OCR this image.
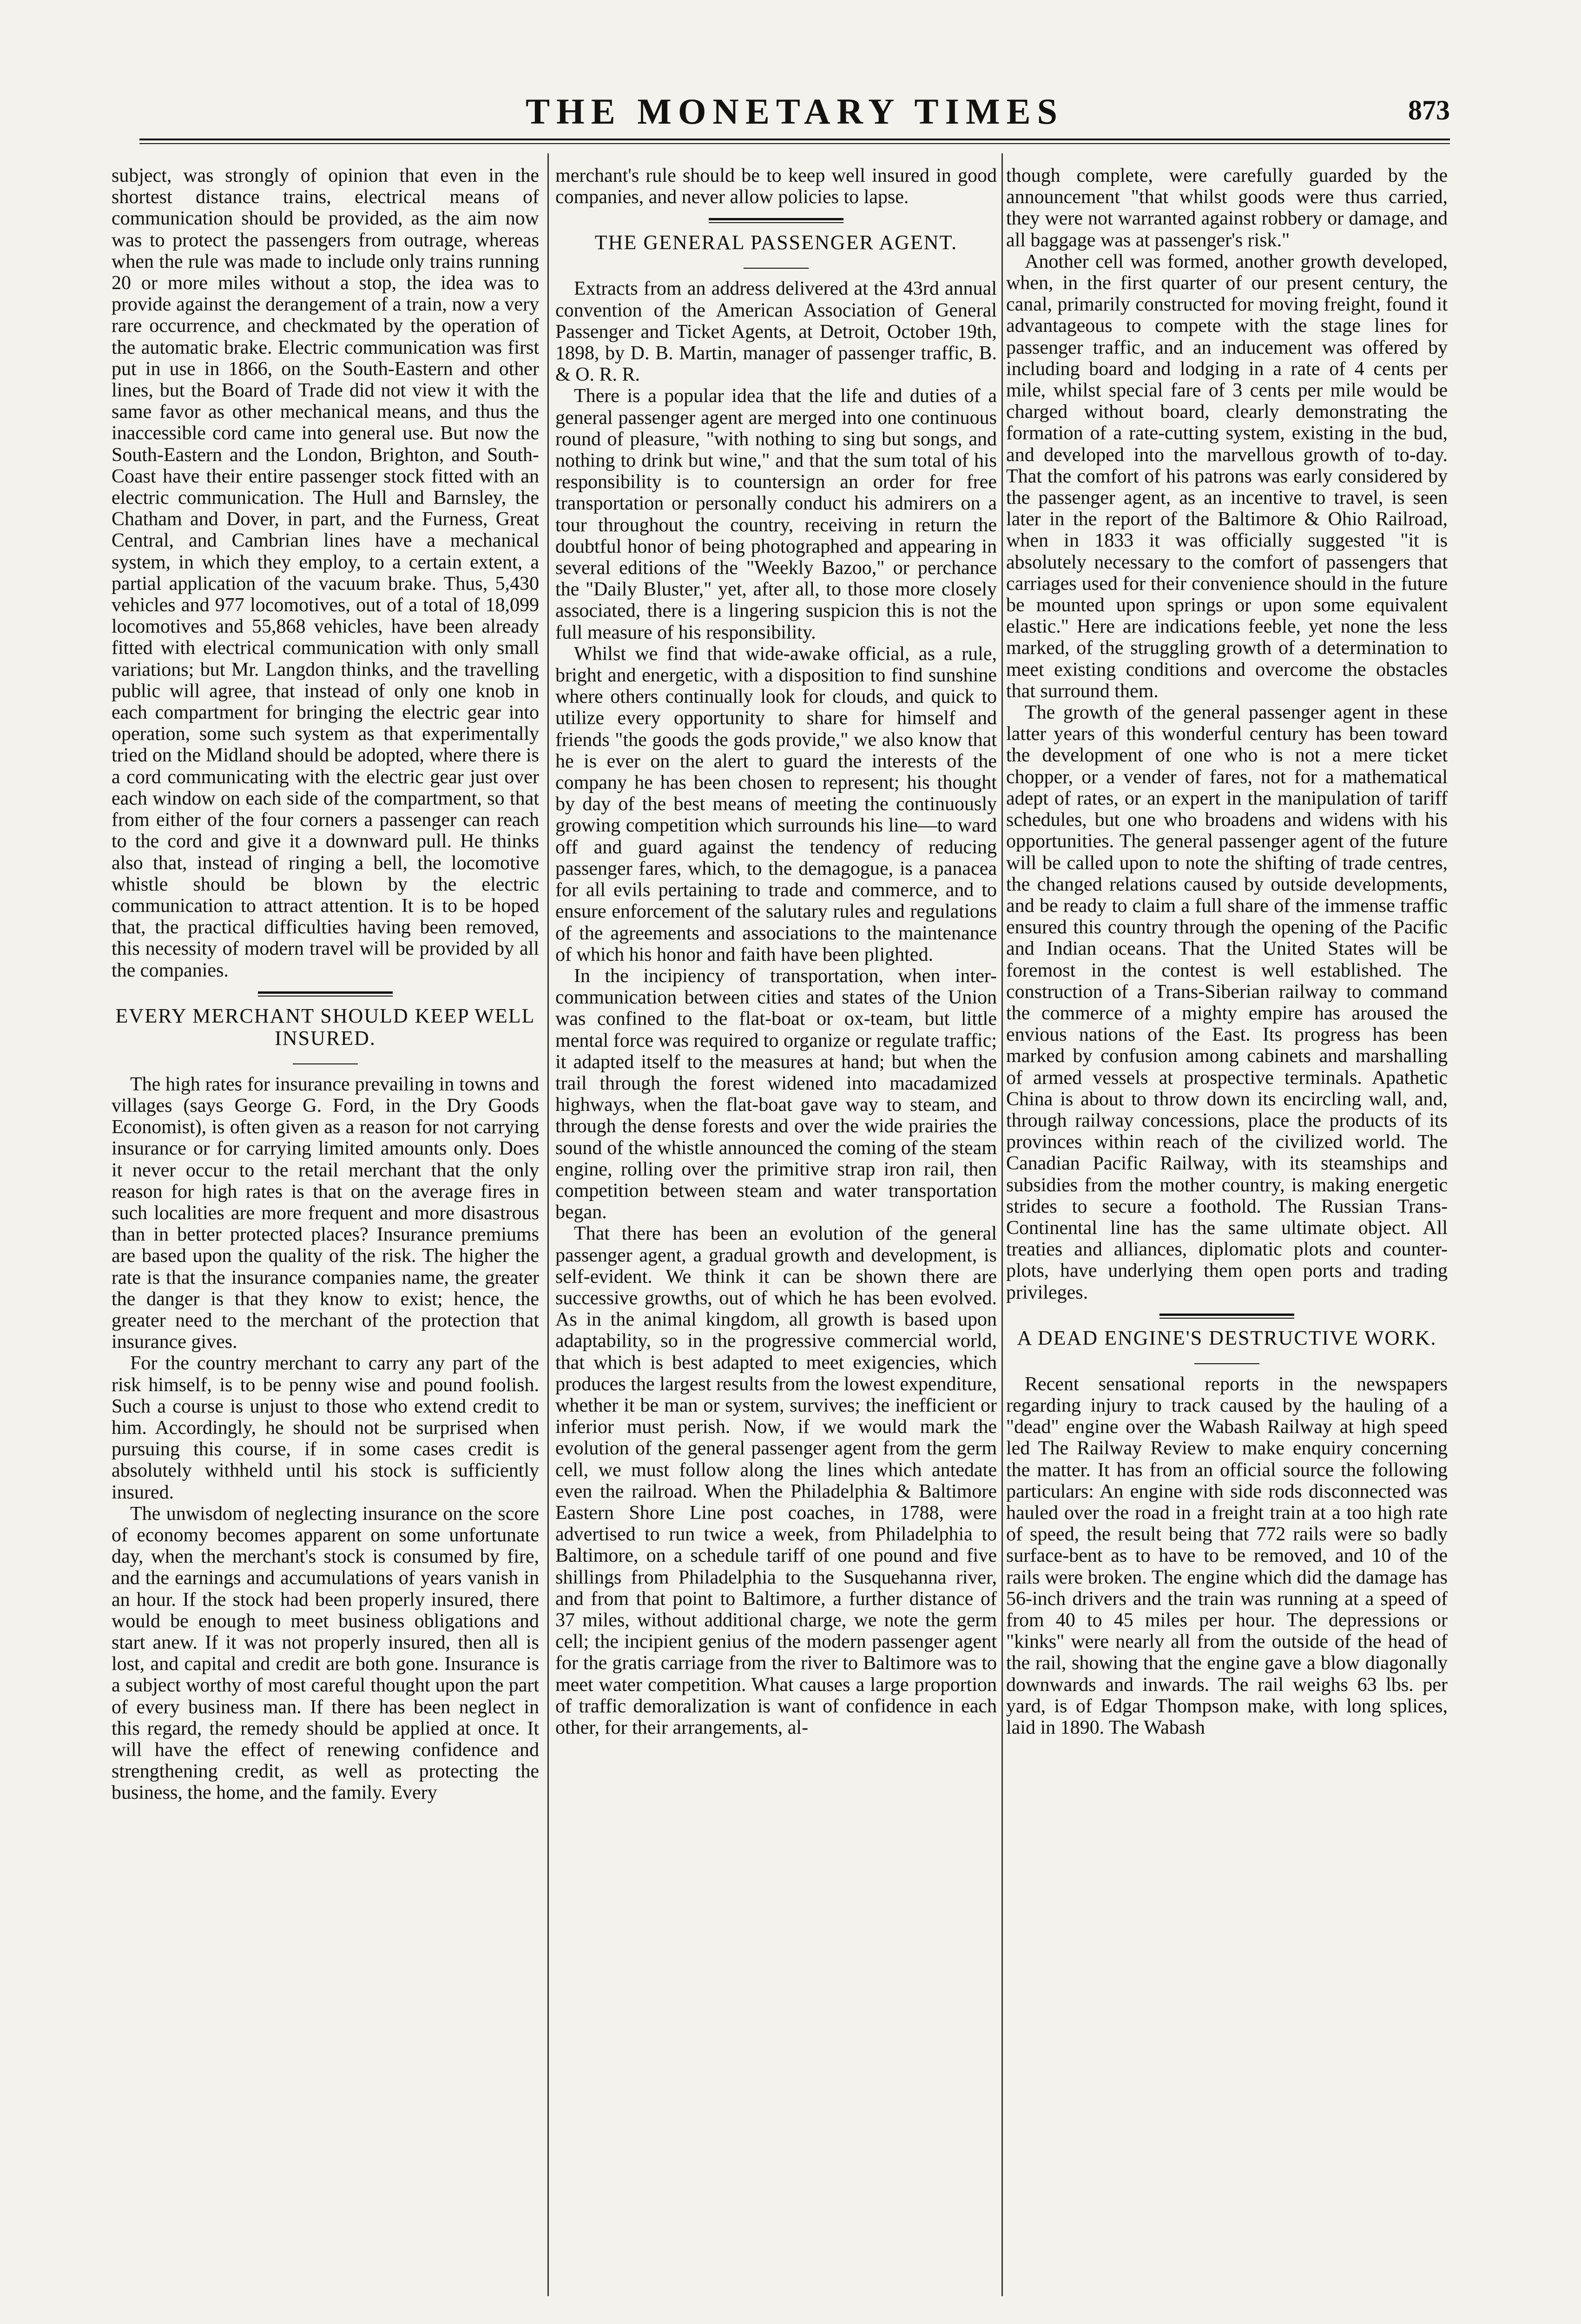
THE MONETARY TIMES	873

subject, was strongly of opinion that even in the shortest distance trains, electrical means of communication should be provided, as the aim now was to protect the passengers from outrage, whereas when the rule was made to include only trains running 20 or more miles without a stop, the idea was to provide against the derangement of a train, now a very rare occurrence, and checkmated by the operation of the automatic brake. Electric communication was first put in use in 1866, on the South-Eastern and other lines, but the Board of Trade did not view it with the same favor as other mechanical means, and thus the inaccessible cord came into general use. But now the South-Eastern and the London, Brighton, and South-Coast have their entire passenger stock fitted with an electric communication. The Hull and Barnsley, the Chatham and Dover, in part, and the Furness, Great Central, and Cambrian lines have a mechanical system, in which they employ, to a certain extent, a partial application of the vacuum brake. Thus, 5,430 vehicles and 977 locomotives, out of a total of 18,099 locomotives and 55,868 vehicles, have been already fitted with electrical communication with only small variations; but Mr. Langdon thinks, and the travelling public will agree, that instead of only one knob in each compartment for bringing the electric gear into operation, some such system as that experimentally tried on the Midland should be adopted, where there is a cord communicating with the electric gear just over each window on each side of the compartment, so that from either of the four corners a passenger can reach to the cord and give it a downward pull. He thinks also that, instead of ringing a bell, the locomotive whistle should be blown by the electric communication to attract attention. It is to be hoped that, the practical difficulties having been removed, this necessity of modern travel will be provided by all the companies.

EVERY MERCHANT SHOULD KEEP WELL INSURED.

The high rates for insurance prevailing in towns and villages (says George G. Ford, in the Dry Goods Economist), is often given as a reason for not carrying insurance or for carrying limited amounts only. Does it never occur to the retail merchant that the only reason for high rates is that on the average fires in such localities are more frequent and more disastrous than in better protected places? Insurance premiums are based upon the quality of the risk. The higher the rate is that the insurance companies name, the greater the danger is that they know to exist; hence, the greater need to the merchant of the protection that insurance gives.

For the country merchant to carry any part of the risk himself, is to be penny wise and pound foolish. Such a course is unjust to those who extend credit to him. Accordingly, he should not be surprised when pursuing this course, if in some cases credit is absolutely withheld until his stock is sufficiently insured.

The unwisdom of neglecting insurance on the score of economy becomes apparent on some unfortunate day, when the merchant's stock is consumed by fire, and the earnings and accumulations of years vanish in an hour. If the stock had been properly insured, there would be enough to meet business obligations and start anew. If it was not properly insured, then all is lost, and capital and credit are both gone. Insurance is a subject worthy of most careful thought upon the part of every business man. If there has been neglect in this regard, the remedy should be applied at once. It will have the effect of renewing confidence and strengthening credit, as well as protecting the business, the home, and the family. Every

merchant's rule should be to keep well insured in good companies, and never allow policies to lapse.

THE GENERAL PASSENGER AGENT.

Extracts from an address delivered at the 43rd annual convention of the American Association of General Passenger and Ticket Agents, at Detroit, October 19th, 1898, by D. B. Martin, manager of passenger traffic, B. & O. R. R.

There is a popular idea that the life and duties of a general passenger agent are merged into one continuous round of pleasure, "with nothing to sing but songs, and nothing to drink but wine," and that the sum total of his responsibility is to countersign an order for free transportation or personally conduct his admirers on a tour throughout the country, receiving in return the doubtful honor of being photographed and appearing in several editions of the "Weekly Bazoo," or perchance the "Daily Bluster," yet, after all, to those more closely associated, there is a lingering suspicion this is not the full measure of his responsibility.

Whilst we find that wide-awake official, as a rule, bright and energetic, with a disposition to find sunshine where others continually look for clouds, and quick to utilize every opportunity to share for himself and friends "the goods the gods provide," we also know that he is ever on the alert to guard the interests of the company he has been chosen to represent; his thought by day of the best means of meeting the continuously growing competition which surrounds his line—to ward off and guard against the tendency of reducing passenger fares, which, to the demagogue, is a panacea for all evils pertaining to trade and commerce, and to ensure enforcement of the salutary rules and regulations of the agreements and associations to the maintenance of which his honor and faith have been plighted.

In the incipiency of transportation, when inter-communication between cities and states of the Union was confined to the flat-boat or ox-team, but little mental force was required to organize or regulate traffic; it adapted itself to the measures at hand; but when the trail through the forest widened into macadamized highways, when the flat-boat gave way to steam, and through the dense forests and over the wide prairies the sound of the whistle announced the coming of the steam engine, rolling over the primitive strap iron rail, then competition between steam and water transportation began.

That there has been an evolution of the general passenger agent, a gradual growth and development, is self-evident. We think it can be shown there are successive growths, out of which he has been evolved. As in the animal kingdom, all growth is based upon adaptability, so in the progressive commercial world, that which is best adapted to meet exigencies, which produces the largest results from the lowest expenditure, whether it be man or system, survives; the inefficient or inferior must perish. Now, if we would mark the evolution of the general passenger agent from the germ cell, we must follow along the lines which antedate even the railroad. When the Philadelphia & Baltimore Eastern Shore Line post coaches, in 1788, were advertised to run twice a week, from Philadelphia to Baltimore, on a schedule tariff of one pound and five shillings from Philadelphia to the Susquehanna river, and from that point to Baltimore, a further distance of 37 miles, without additional charge, we note the germ cell; the incipient genius of the modern passenger agent for the gratis carriage from the river to Baltimore was to meet water competition. What causes a large proportion of traffic demoralization is want of confidence in each other, for their arrangements, al-

though complete, were carefully guarded by the announcement "that whilst goods were thus carried, they were not warranted against robbery or damage, and all baggage was at passenger's risk."

Another cell was formed, another growth developed, when, in the first quarter of our present century, the canal, primarily constructed for moving freight, found it advantageous to compete with the stage lines for passenger traffic, and an inducement was offered by including board and lodging in a rate of 4 cents per mile, whilst special fare of 3 cents per mile would be charged without board, clearly demonstrating the formation of a rate-cutting system, existing in the bud, and developed into the marvellous growth of to-day. That the comfort of his patrons was early considered by the passenger agent, as an incentive to travel, is seen later in the report of the Baltimore & Ohio Railroad, when in 1833 it was officially suggested "it is absolutely necessary to the comfort of passengers that carriages used for their convenience should in the future be mounted upon springs or upon some equivalent elastic." Here are indications feeble, yet none the less marked, of the struggling growth of a determination to meet existing conditions and overcome the obstacles that surround them.

The growth of the general passenger agent in these latter years of this wonderful century has been toward the development of one who is not a mere ticket chopper, or a vender of fares, not for a mathematical adept of rates, or an expert in the manipulation of tariff schedules, but one who broadens and widens with his opportunities. The general passenger agent of the future will be called upon to note the shifting of trade centres, the changed relations caused by outside developments, and be ready to claim a full share of the immense traffic ensured this country through the opening of the Pacific and Indian oceans. That the United States will be foremost in the contest is well established. The construction of a Trans-Siberian railway to command the commerce of a mighty empire has aroused the envious nations of the East. Its progress has been marked by confusion among cabinets and marshalling of armed vessels at prospective terminals. Apathetic China is about to throw down its encircling wall, and, through railway concessions, place the products of its provinces within reach of the civilized world. The Canadian Pacific Railway, with its steamships and subsidies from the mother country, is making energetic strides to secure a foothold. The Russian Trans-Continental line has the same ultimate object. All treaties and alliances, diplomatic plots and counter-plots, have underlying them open ports and trading privileges.

A DEAD ENGINE'S DESTRUCTIVE WORK.

Recent sensational reports in the newspapers regarding injury to track caused by the hauling of a "dead" engine over the Wabash Railway at high speed led The Railway Review to make enquiry concerning the matter. It has from an official source the following particulars: An engine with side rods disconnected was hauled over the road in a freight train at a too high rate of speed, the result being that 772 rails were so badly surface-bent as to have to be removed, and 10 of the rails were broken. The engine which did the damage has 56-inch drivers and the train was running at a speed of from 40 to 45 miles per hour. The depressions or "kinks" were nearly all from the outside of the head of the rail, showing that the engine gave a blow diagonally downwards and inwards. The rail weighs 63 lbs. per yard, is of Edgar Thompson make, with long splices, laid in 1890. The Wabash
